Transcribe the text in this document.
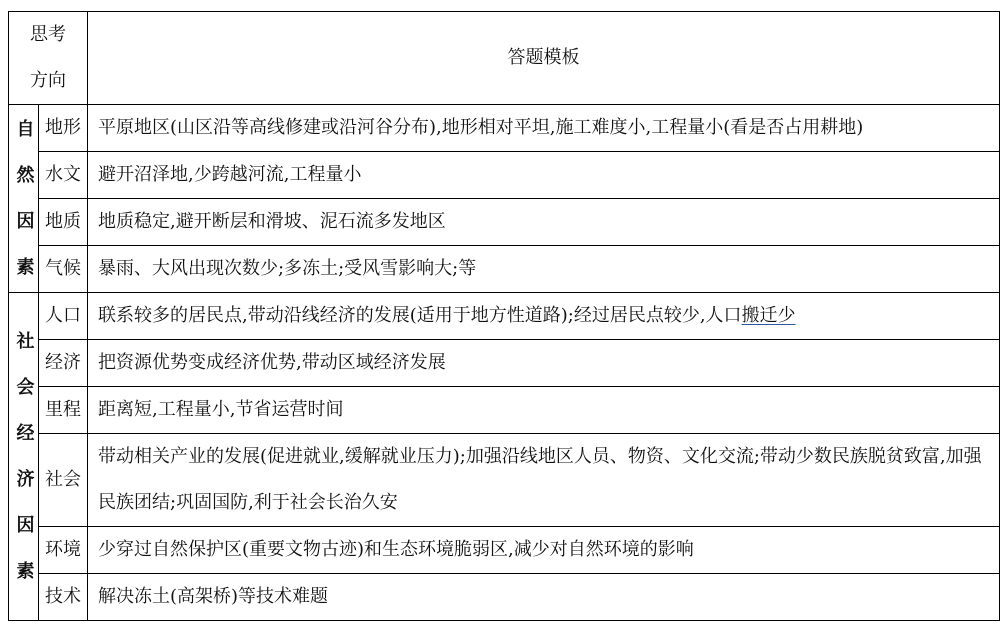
思考
方向		答题模板
自然因素	地形	平原地区(山区沿等高线修建或沿河谷分布),地形相对平坦,施工难度小,工程量小(看是否占用耕地)
	水文	避开沼泽地,少跨越河流,工程量小
	地质	地质稳定,避开断层和滑坡、泥石流多发地区
	气候	暴雨、大风出现次数少;多冻土;受风雪影响大;等
社会经济因素	人口	联系较多的居民点,带动沿线经济的发展(适用于地方性道路);经过居民点较少,人口搬迁少
	经济	把资源优势变成经济优势,带动区域经济发展
	里程	距离短,工程量小,节省运营时间
	社会	带动相关产业的发展(促进就业,缓解就业压力);加强沿线地区人员、物资、文化交流;带动少数民族脱贫致富,加强民族团结;巩固国防,利于社会长治久安
	环境	少穿过自然保护区(重要文物古迹)和生态环境脆弱区,减少对自然环境的影响
	技术	解决冻土(高架桥)等技术难题
